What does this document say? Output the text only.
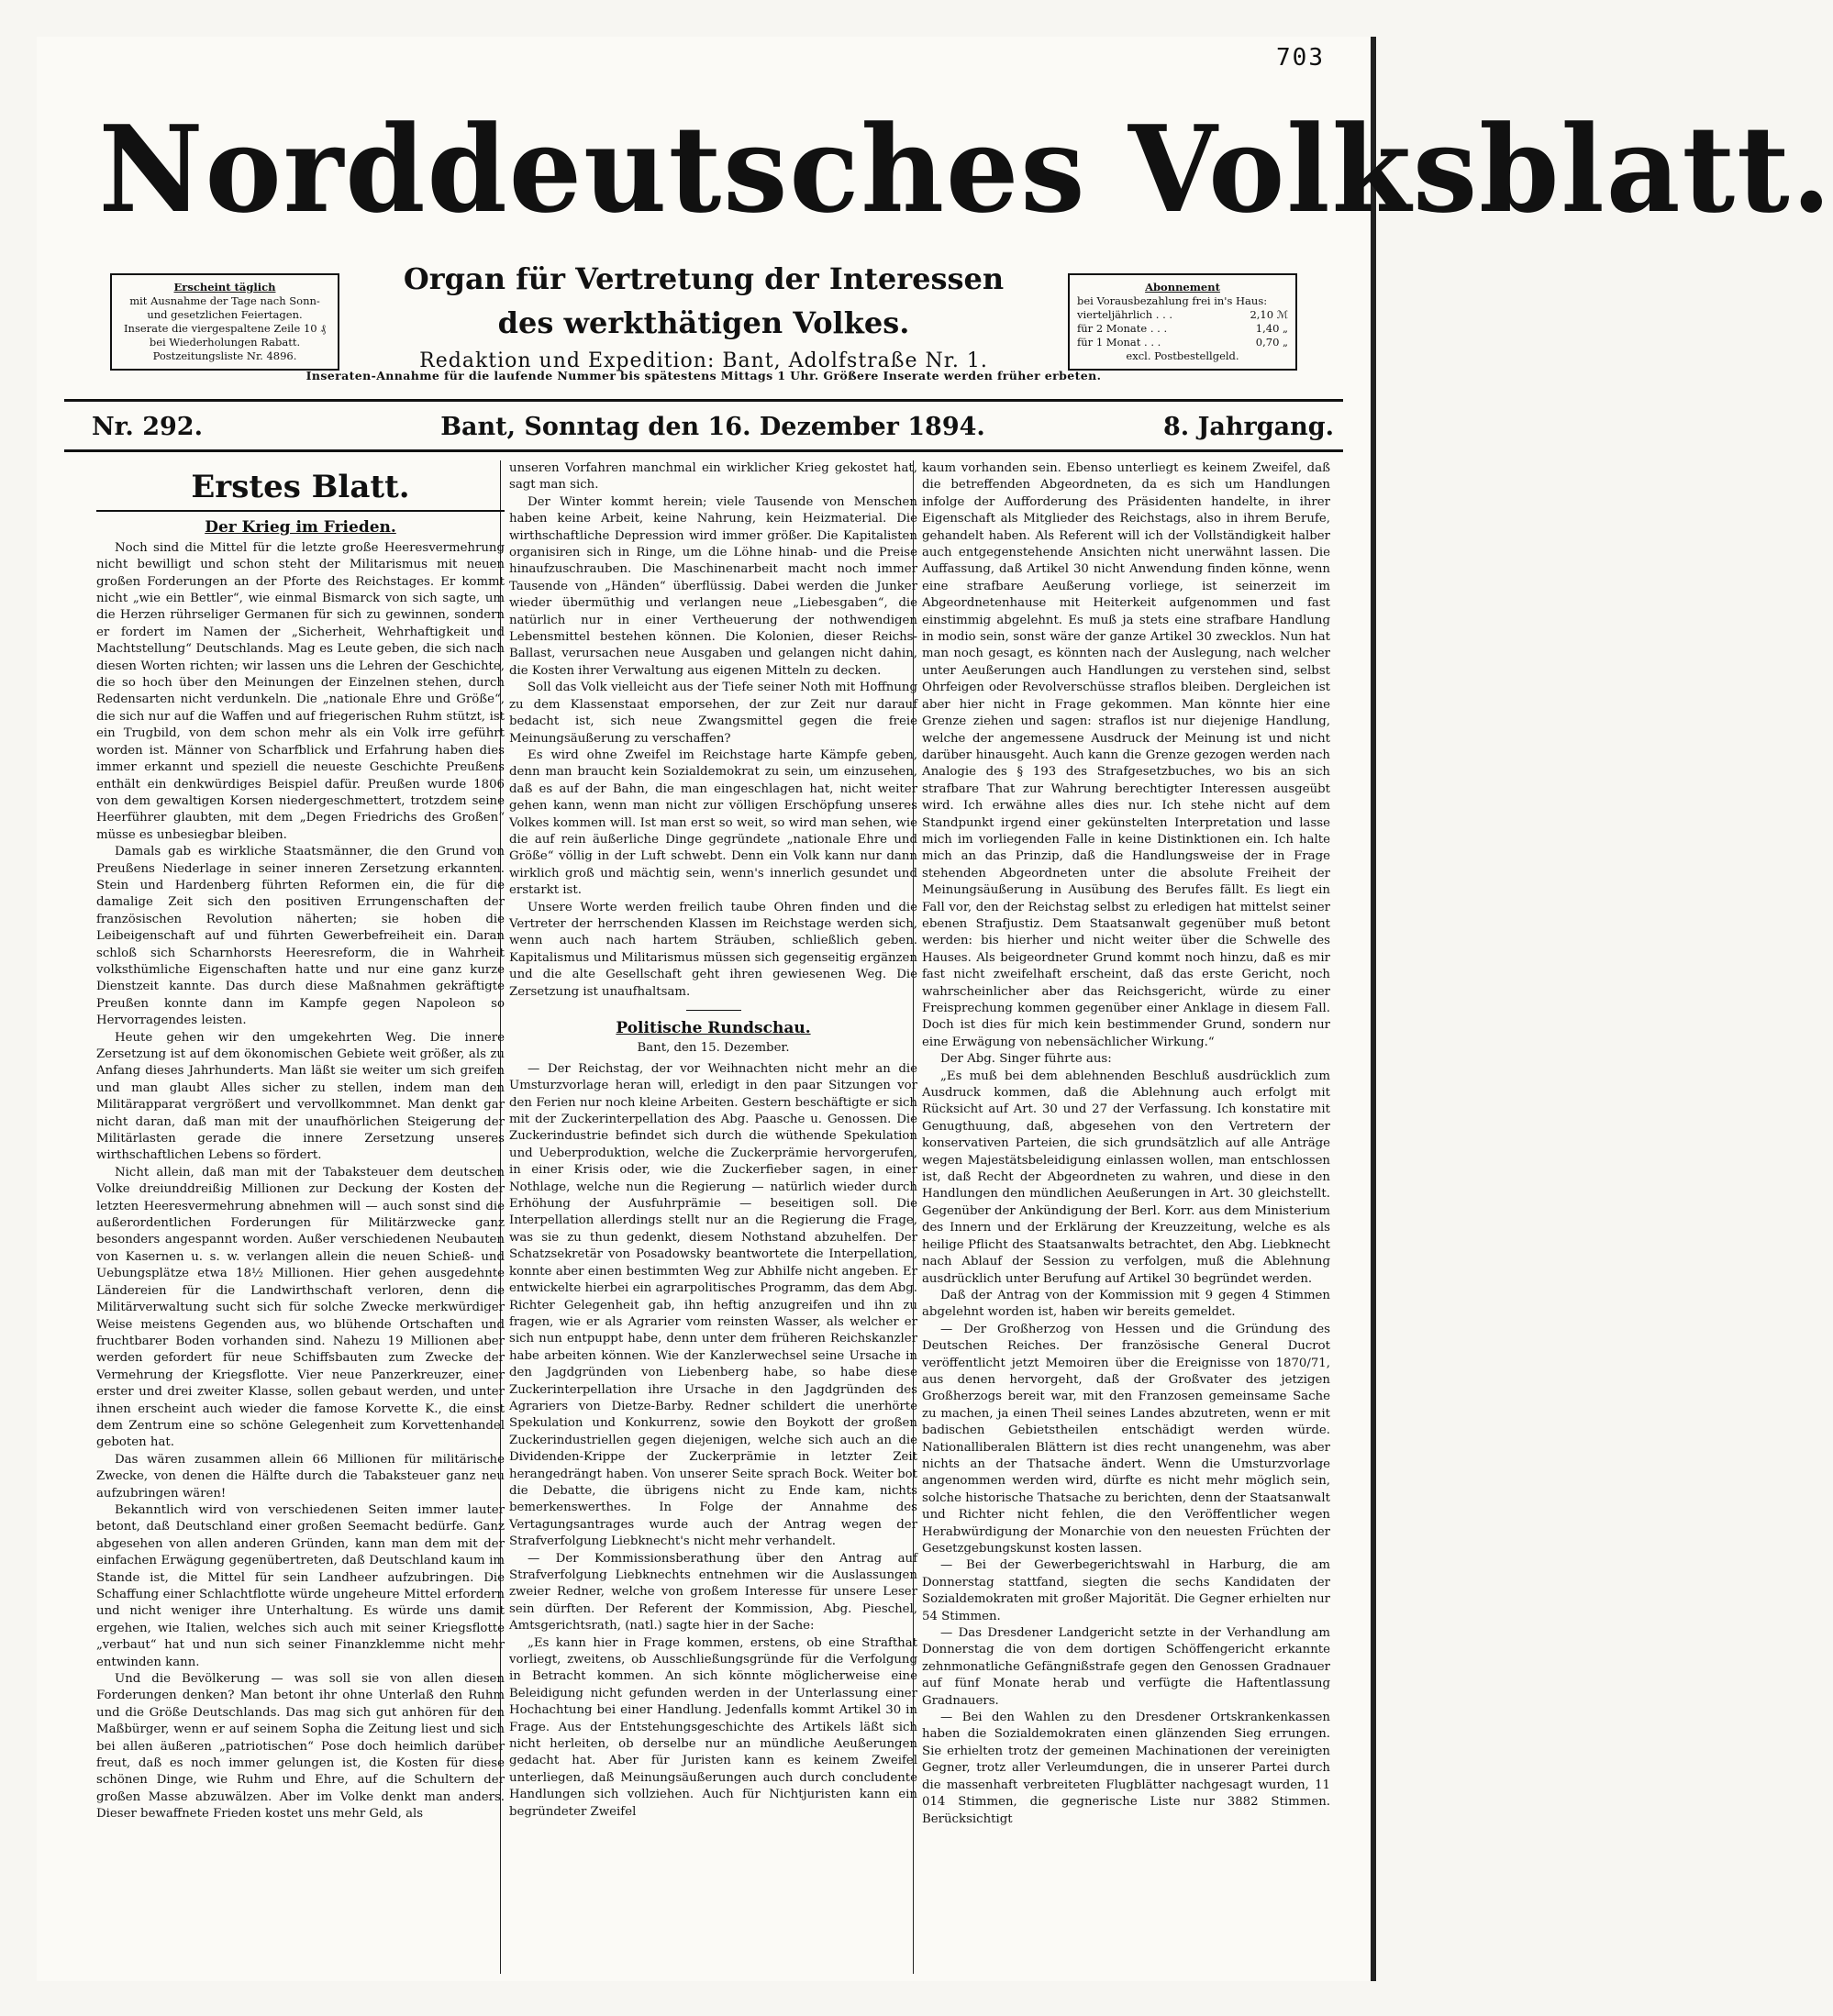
703
Norddeutsches Volksblatt.
Erscheint täglich
mit Ausnahme der Tage nach Sonn-
und gesetzlichen Feiertagen.
Inserate die viergespaltene Zeile 10 ₰
bei Wiederholungen Rabatt.
Postzeitungsliste Nr. 4896.
Organ für Vertretung der Interessen
des werkthätigen Volkes.
Redaktion und Expedition: Bant, Adolfstraße Nr. 1.
Abonnement
bei Vorausbezahlung frei in's Haus:
vierteljährlich . . .	2,10 ℳ
für 2 Monate . . .	1,40 „
für 1 Monat . . .	0,70 „
excl. Postbestellgeld.
Inseraten-Annahme für die laufende Nummer bis spätestens Mittags 1 Uhr. Größere Inserate werden früher erbeten.
Bant, Sonntag den 16. Dezember 1894.
Nr. 292.	8. Jahrgang.
Erstes Blatt.
Der Krieg im Frieden.

Noch sind die Mittel für die letzte große Heeresvermehrung nicht bewilligt und schon steht der Militarismus mit neuen großen Forderungen an der Pforte des Reichstages. Er kommt nicht „wie ein Bettler“, wie einmal Bismarck von sich sagte, um die Herzen rührseliger Germanen für sich zu gewinnen, sondern er fordert im Namen der „Sicherheit, Wehrhaftigkeit und Machtstellung“ Deutschlands. Mag es Leute geben, die sich nach diesen Worten richten; wir lassen uns die Lehren der Geschichte, die so hoch über den Meinungen der Einzelnen stehen, durch Redensarten nicht verdunkeln. Die „nationale Ehre und Größe“, die sich nur auf die Waffen und auf friegerischen Ruhm stützt, ist ein Trugbild, von dem schon mehr als ein Volk irre geführt worden ist. Männer von Scharfblick und Erfahrung haben dies immer erkannt und speziell die neueste Geschichte Preußens enthält ein denkwürdiges Beispiel dafür. Preußen wurde 1806 von dem gewaltigen Korsen niedergeschmettert, trotzdem seine Heerführer glaubten, mit dem „Degen Friedrichs des Großen“ müsse es unbesiegbar bleiben.

Damals gab es wirkliche Staatsmänner, die den Grund von Preußens Niederlage in seiner inneren Zersetzung erkannten. Stein und Hardenberg führten Reformen ein, die für die damalige Zeit sich den positiven Errungenschaften der französischen Revolution näherten; sie hoben die Leibeigenschaft auf und führten Gewerbefreiheit ein. Daran schloß sich Scharnhorsts Heeresreform, die in Wahrheit volksthümliche Eigenschaften hatte und nur eine ganz kurze Dienstzeit kannte. Das durch diese Maßnahmen gekräftigte Preußen konnte dann im Kampfe gegen Napoleon so Hervorragendes leisten.

Heute gehen wir den umgekehrten Weg. Die innere Zersetzung ist auf dem ökonomischen Gebiete weit größer, als zu Anfang dieses Jahrhunderts. Man läßt sie weiter um sich greifen und man glaubt Alles sicher zu stellen, indem man den Militärapparat vergrößert und vervollkommnet. Man denkt gar nicht daran, daß man mit der unaufhörlichen Steigerung der Militärlasten gerade die innere Zersetzung unseres wirthschaftlichen Lebens so fördert.

Nicht allein, daß man mit der Tabaksteuer dem deutschen Volke dreiunddreißig Millionen zur Deckung der Kosten der letzten Heeresvermehrung abnehmen will — auch sonst sind die außerordentlichen Forderungen für Militärzwecke ganz besonders angespannt worden. Außer verschiedenen Neubauten von Kasernen u. s. w. verlangen allein die neuen Schieß- und Uebungsplätze etwa 18½ Millionen. Hier gehen ausgedehnte Ländereien für die Landwirthschaft verloren, denn die Militärverwaltung sucht sich für solche Zwecke merkwürdiger Weise meistens Gegenden aus, wo blühende Ortschaften und fruchtbarer Boden vorhanden sind. Nahezu 19 Millionen aber werden gefordert für neue Schiffsbauten zum Zwecke der Vermehrung der Kriegsflotte. Vier neue Panzerkreuzer, einer erster und drei zweiter Klasse, sollen gebaut werden, und unter ihnen erscheint auch wieder die famose Korvette K., die einst dem Zentrum eine so schöne Gelegenheit zum Korvettenhandel geboten hat.

Das wären zusammen allein 66 Millionen für militärische Zwecke, von denen die Hälfte durch die Tabaksteuer ganz neu aufzubringen wären!

Bekanntlich wird von verschiedenen Seiten immer lauter betont, daß Deutschland einer großen Seemacht bedürfe. Ganz abgesehen von allen anderen Gründen, kann man dem mit der einfachen Erwägung gegenübertreten, daß Deutschland kaum im Stande ist, die Mittel für sein Landheer aufzubringen. Die Schaffung einer Schlachtflotte würde ungeheure Mittel erfordern und nicht weniger ihre Unterhaltung. Es würde uns damit ergehen, wie Italien, welches sich auch mit seiner Kriegsflotte „verbaut“ hat und nun sich seiner Finanzklemme nicht mehr entwinden kann.

Und die Bevölkerung — was soll sie von allen diesen Forderungen denken? Man betont ihr ohne Unterlaß den Ruhm und die Größe Deutschlands. Das mag sich gut anhören für den Maßbürger, wenn er auf seinem Sopha die Zeitung liest und sich bei allen äußeren „patriotischen“ Pose doch heimlich darüber freut, daß es noch immer gelungen ist, die Kosten für diese schönen Dinge, wie Ruhm und Ehre, auf die Schultern der großen Masse abzuwälzen. Aber im Volke denkt man anders. Dieser bewaffnete Frieden kostet uns mehr Geld, als

unseren Vorfahren manchmal ein wirklicher Krieg gekostet hat, sagt man sich.

Der Winter kommt herein; viele Tausende von Menschen haben keine Arbeit, keine Nahrung, kein Heizmaterial. Die wirthschaftliche Depression wird immer größer. Die Kapitalisten organisiren sich in Ringe, um die Löhne hinab- und die Preise hinaufzuschrauben. Die Maschinenarbeit macht noch immer Tausende von „Händen“ überflüssig. Dabei werden die Junker wieder übermüthig und verlangen neue „Liebesgaben“, die natürlich nur in einer Vertheuerung der nothwendigen Lebensmittel bestehen können. Die Kolonien, dieser Reichs-Ballast, verursachen neue Ausgaben und gelangen nicht dahin, die Kosten ihrer Verwaltung aus eigenen Mitteln zu decken.

Soll das Volk vielleicht aus der Tiefe seiner Noth mit Hoffnung zu dem Klassenstaat emporsehen, der zur Zeit nur darauf bedacht ist, sich neue Zwangsmittel gegen die freie Meinungsäußerung zu verschaffen?

Es wird ohne Zweifel im Reichstage harte Kämpfe geben, denn man braucht kein Sozialdemokrat zu sein, um einzusehen, daß es auf der Bahn, die man eingeschlagen hat, nicht weiter gehen kann, wenn man nicht zur völligen Erschöpfung unseres Volkes kommen will. Ist man erst so weit, so wird man sehen, wie die auf rein äußerliche Dinge gegründete „nationale Ehre und Größe“ völlig in der Luft schwebt. Denn ein Volk kann nur dann wirklich groß und mächtig sein, wenn's innerlich gesundet und erstarkt ist.

Unsere Worte werden freilich taube Ohren finden und die Vertreter der herrschenden Klassen im Reichstage werden sich, wenn auch nach hartem Sträuben, schließlich geben. Kapitalismus und Militarismus müssen sich gegenseitig ergänzen und die alte Gesellschaft geht ihren gewiesenen Weg. Die Zersetzung ist unaufhaltsam.

Politische Rundschau.
Bant, den 15. Dezember.

— Der Reichstag, der vor Weihnachten nicht mehr an die Umsturzvorlage heran will, erledigt in den paar Sitzungen vor den Ferien nur noch kleine Arbeiten. Gestern beschäftigte er sich mit der Zuckerinterpellation des Abg. Paasche u. Genossen. Die Zuckerindustrie befindet sich durch die wüthende Spekulation und Ueberproduktion, welche die Zuckerprämie hervorgerufen, in einer Krisis oder, wie die Zuckerfieber sagen, in einer Nothlage, welche nun die Regierung — natürlich wieder durch Erhöhung der Ausfuhrprämie — beseitigen soll. Die Interpellation allerdings stellt nur an die Regierung die Frage, was sie zu thun gedenkt, diesem Nothstand abzuhelfen. Der Schatzsekretär von Posadowsky beantwortete die Interpellation, konnte aber einen bestimmten Weg zur Abhilfe nicht angeben. Er entwickelte hierbei ein agrarpolitisches Programm, das dem Abg. Richter Gelegenheit gab, ihn heftig anzugreifen und ihn zu fragen, wie er als Agrarier vom reinsten Wasser, als welcher er sich nun entpuppt habe, denn unter dem früheren Reichskanzler habe arbeiten können. Wie der Kanzlerwechsel seine Ursache in den Jagdgründen von Liebenberg habe, so habe diese Zuckerinterpellation ihre Ursache in den Jagdgründen des Agrariers von Dietze-Barby. Redner schildert die unerhörte Spekulation und Konkurrenz, sowie den Boykott der großen Zuckerindustriellen gegen diejenigen, welche sich auch an die Dividenden-Krippe der Zuckerprämie in letzter Zeit herangedrängt haben. Von unserer Seite sprach Bock. Weiter bot die Debatte, die übrigens nicht zu Ende kam, nichts bemerkenswerthes. In Folge der Annahme des Vertagungsantrages wurde auch der Antrag wegen der Strafverfolgung Liebknecht's nicht mehr verhandelt.

— Der Kommissionsberathung über den Antrag auf Strafverfolgung Liebknechts entnehmen wir die Auslassungen zweier Redner, welche von großem Interesse für unsere Leser sein dürften. Der Referent der Kommission, Abg. Pieschel, Amtsgerichtsrath, (natl.) sagte hier in der Sache:

„Es kann hier in Frage kommen, erstens, ob eine Strafthat vorliegt, zweitens, ob Ausschließungsgründe für die Verfolgung in Betracht kommen. An sich könnte möglicherweise eine Beleidigung nicht gefunden werden in der Unterlassung einer Hochachtung bei einer Handlung. Jedenfalls kommt Artikel 30 in Frage. Aus der Entstehungsgeschichte des Artikels läßt sich nicht herleiten, ob derselbe nur an mündliche Aeußerungen gedacht hat. Aber für Juristen kann es keinem Zweifel unterliegen, daß Meinungsäußerungen auch durch concludente Handlungen sich vollziehen. Auch für Nichtjuristen kann ein begründeter Zweifel

kaum vorhanden sein. Ebenso unterliegt es keinem Zweifel, daß die betreffenden Abgeordneten, da es sich um Handlungen infolge der Aufforderung des Präsidenten handelte, in ihrer Eigenschaft als Mitglieder des Reichstags, also in ihrem Berufe, gehandelt haben. Als Referent will ich der Vollständigkeit halber auch entgegenstehende Ansichten nicht unerwähnt lassen. Die Auffassung, daß Artikel 30 nicht Anwendung finden könne, wenn eine strafbare Aeußerung vorliege, ist seinerzeit im Abgeordnetenhause mit Heiterkeit aufgenommen und fast einstimmig abgelehnt. Es muß ja stets eine strafbare Handlung in modio sein, sonst wäre der ganze Artikel 30 zwecklos. Nun hat man noch gesagt, es könnten nach der Auslegung, nach welcher unter Aeußerungen auch Handlungen zu verstehen sind, selbst Ohrfeigen oder Revolverschüsse straflos bleiben. Dergleichen ist aber hier nicht in Frage gekommen. Man könnte hier eine Grenze ziehen und sagen: straflos ist nur diejenige Handlung, welche der angemessene Ausdruck der Meinung ist und nicht darüber hinausgeht. Auch kann die Grenze gezogen werden nach Analogie des § 193 des Strafgesetzbuches, wo bis an sich strafbare That zur Wahrung berechtigter Interessen ausgeübt wird. Ich erwähne alles dies nur. Ich stehe nicht auf dem Standpunkt irgend einer gekünstelten Interpretation und lasse mich im vorliegenden Falle in keine Distinktionen ein. Ich halte mich an das Prinzip, daß die Handlungsweise der in Frage stehenden Abgeordneten unter die absolute Freiheit der Meinungsäußerung in Ausübung des Berufes fällt. Es liegt ein Fall vor, den der Reichstag selbst zu erledigen hat mittelst seiner ebenen Strafjustiz. Dem Staatsanwalt gegenüber muß betont werden: bis hierher und nicht weiter über die Schwelle des Hauses. Als beigeordneter Grund kommt noch hinzu, daß es mir fast nicht zweifelhaft erscheint, daß das erste Gericht, noch wahrscheinlicher aber das Reichsgericht, würde zu einer Freisprechung kommen gegenüber einer Anklage in diesem Fall. Doch ist dies für mich kein bestimmender Grund, sondern nur eine Erwägung von nebensächlicher Wirkung.“

Der Abg. Singer führte aus:

„Es muß bei dem ablehnenden Beschluß ausdrücklich zum Ausdruck kommen, daß die Ablehnung auch erfolgt mit Rücksicht auf Art. 30 und 27 der Verfassung. Ich konstatire mit Genugthuung, daß, abgesehen von den Vertretern der konservativen Parteien, die sich grundsätzlich auf alle Anträge wegen Majestätsbeleidigung einlassen wollen, man entschlossen ist, daß Recht der Abgeordneten zu wahren, und diese in den Handlungen den mündlichen Aeußerungen in Art. 30 gleichstellt. Gegenüber der Ankündigung der Berl. Korr. aus dem Ministerium des Innern und der Erklärung der Kreuzzeitung, welche es als heilige Pflicht des Staatsanwalts betrachtet, den Abg. Liebknecht nach Ablauf der Session zu verfolgen, muß die Ablehnung ausdrücklich unter Berufung auf Artikel 30 begründet werden.

Daß der Antrag von der Kommission mit 9 gegen 4 Stimmen abgelehnt worden ist, haben wir bereits gemeldet.

— Der Großherzog von Hessen und die Gründung des Deutschen Reiches. Der französische General Ducrot veröffentlicht jetzt Memoiren über die Ereignisse von 1870/71, aus denen hervorgeht, daß der Großvater des jetzigen Großherzogs bereit war, mit den Franzosen gemeinsame Sache zu machen, ja einen Theil seines Landes abzutreten, wenn er mit badischen Gebietstheilen entschädigt werden würde. Nationalliberalen Blättern ist dies recht unangenehm, was aber nichts an der Thatsache ändert. Wenn die Umsturzvorlage angenommen werden wird, dürfte es nicht mehr möglich sein, solche historische Thatsache zu berichten, denn der Staatsanwalt und Richter nicht fehlen, die den Veröffentlicher wegen Herabwürdigung der Monarchie von den neuesten Früchten der Gesetzgebungskunst kosten lassen.

— Bei der Gewerbegerichtswahl in Harburg, die am Donnerstag stattfand, siegten die sechs Kandidaten der Sozialdemokraten mit großer Majorität. Die Gegner erhielten nur 54 Stimmen.

— Das Dresdener Landgericht setzte in der Verhandlung am Donnerstag die von dem dortigen Schöffengericht erkannte zehnmonatliche Gefängnißstrafe gegen den Genossen Gradnauer auf fünf Monate herab und verfügte die Haftentlassung Gradnauers.

— Bei den Wahlen zu den Dresdener Ortskrankenkassen haben die Sozialdemokraten einen glänzenden Sieg errungen. Sie erhielten trotz der gemeinen Machinationen der vereinigten Gegner, trotz aller Verleumdungen, die in unserer Partei durch die massenhaft verbreiteten Flugblätter nachgesagt wurden, 11 014 Stimmen, die gegnerische Liste nur 3882 Stimmen. Berücksichtigt
